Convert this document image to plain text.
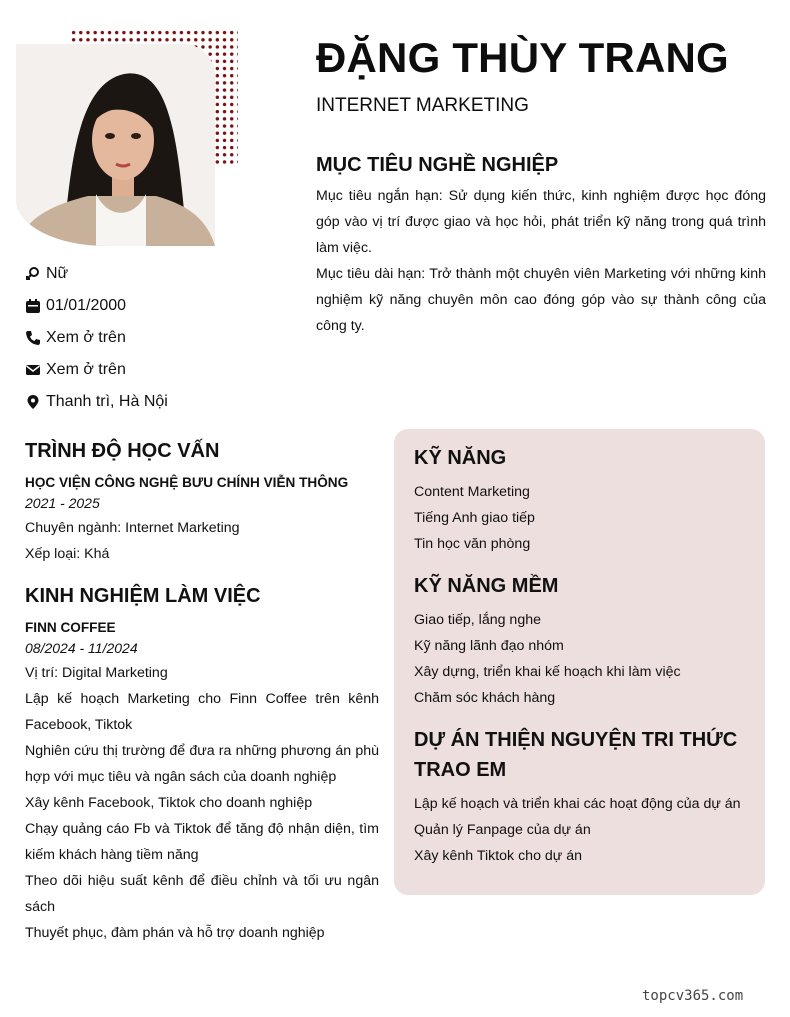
ĐẶNG THÙY TRANG
INTERNET MARKETING
MỤC TIÊU NGHỀ NGHIỆP

Mục tiêu ngắn hạn: Sử dụng kiến thức, kinh nghiệm được học đóng góp vào vị trí được giao và học hỏi, phát triển kỹ năng trong quá trình làm việc.

Mục tiêu dài hạn: Trở thành một chuyên viên Marketing với những kinh nghiệm kỹ năng chuyên môn cao đóng góp vào sự thành công của công ty.

Nữ
01/01/2000
Xem ở trên
Xem ở trên
Thanh trì, Hà Nội
TRÌNH ĐỘ HỌC VẤN
HỌC VIỆN CÔNG NGHỆ BƯU CHÍNH VIỄN THÔNG
2021 - 2025
Chuyên ngành: Internet Marketing
Xếp loại: Khá
KINH NGHIỆM LÀM VIỆC
FINN COFFEE
08/2024 - 11/2024
Vị trí: Digital Marketing
Lập kế hoạch Marketing cho Finn Coffee trên kênh Facebook, Tiktok
Nghiên cứu thị trường để đưa ra những phương án phù hợp với mục tiêu và ngân sách của doanh nghiệp
Xây kênh Facebook, Tiktok cho doanh nghiệp
Chạy quảng cáo Fb và Tiktok để tăng độ nhận diện, tìm kiếm khách hàng tiềm năng
Theo dõi hiệu suất kênh để điều chỉnh và tối ưu ngân sách
Thuyết phục, đàm phán và hỗ trợ doanh nghiệp
KỸ NĂNG
Content Marketing
Tiếng Anh giao tiếp
Tin học văn phòng
KỸ NĂNG MỀM
Giao tiếp, lắng nghe
Kỹ năng lãnh đạo nhóm
Xây dựng, triển khai kế hoạch khi làm việc
Chăm sóc khách hàng
DỰ ÁN THIỆN NGUYỆN TRI THỨC TRAO EM
Lập kế hoạch và triển khai các hoạt động của dự án
Quản lý Fanpage của dự án
Xây kênh Tiktok cho dự án
topcv365.com
